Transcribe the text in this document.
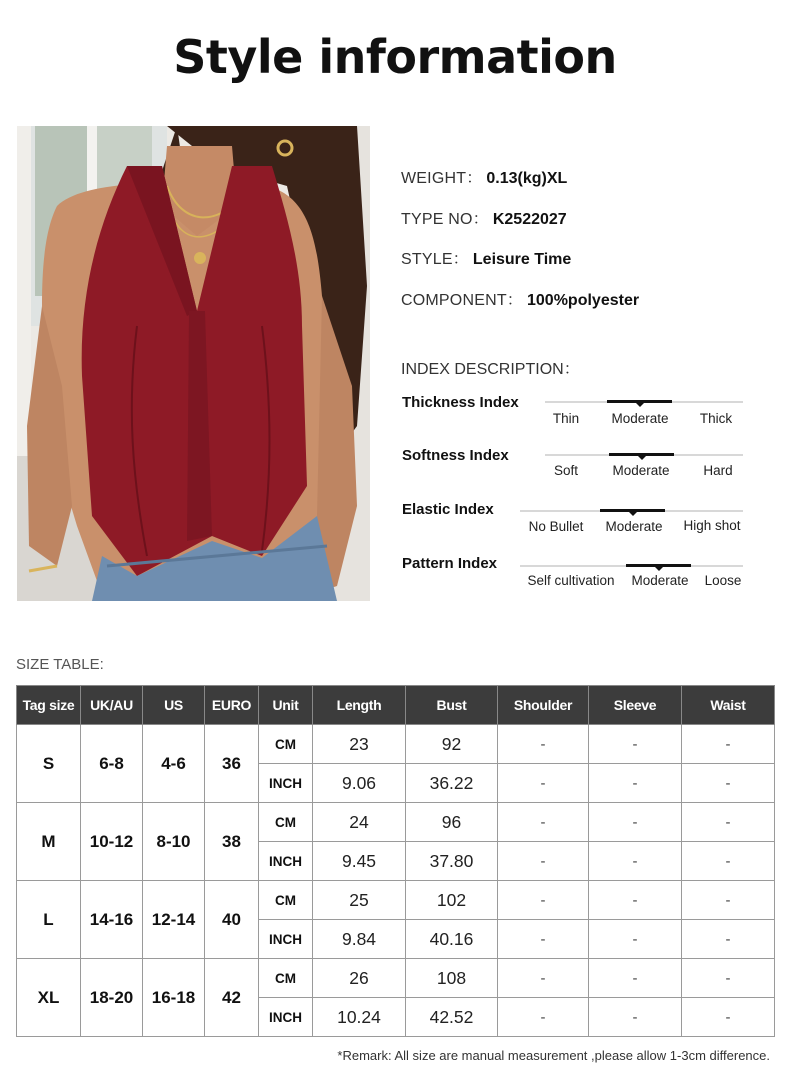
Style information
WEIGHT： 0.13(kg)XL
TYPE NO： K2522027
STYLE： Leisure Time
COMPONENT： 100%polyester
INDEX DESCRIPTION：
Thickness Index
Thin	Moderate	Thick
Softness Index
Soft	Moderate	Hard
Elastic Index
No Bullet	Moderate	High shot
Pattern Index
Self cultivation	Moderate	Loose
SIZE TABLE:
Tag size	UK/AU	US	EURO	Unit	Length	Bust	Shoulder	Sleeve	Waist
S	6-8	4-6	36	CM	23	92	-	-	-
				INCH	9.06	36.22	-	-	-
M	10-12	8-10	38	CM	24	96	-	-	-
				INCH	9.45	37.80	-	-	-
L	14-16	12-14	40	CM	25	102	-	-	-
				INCH	9.84	40.16	-	-	-
XL	18-20	16-18	42	CM	26	108	-	-	-
				INCH	10.24	42.52	-	-	-
*Remark: All size are manual measurement ,please allow 1-3cm difference.
